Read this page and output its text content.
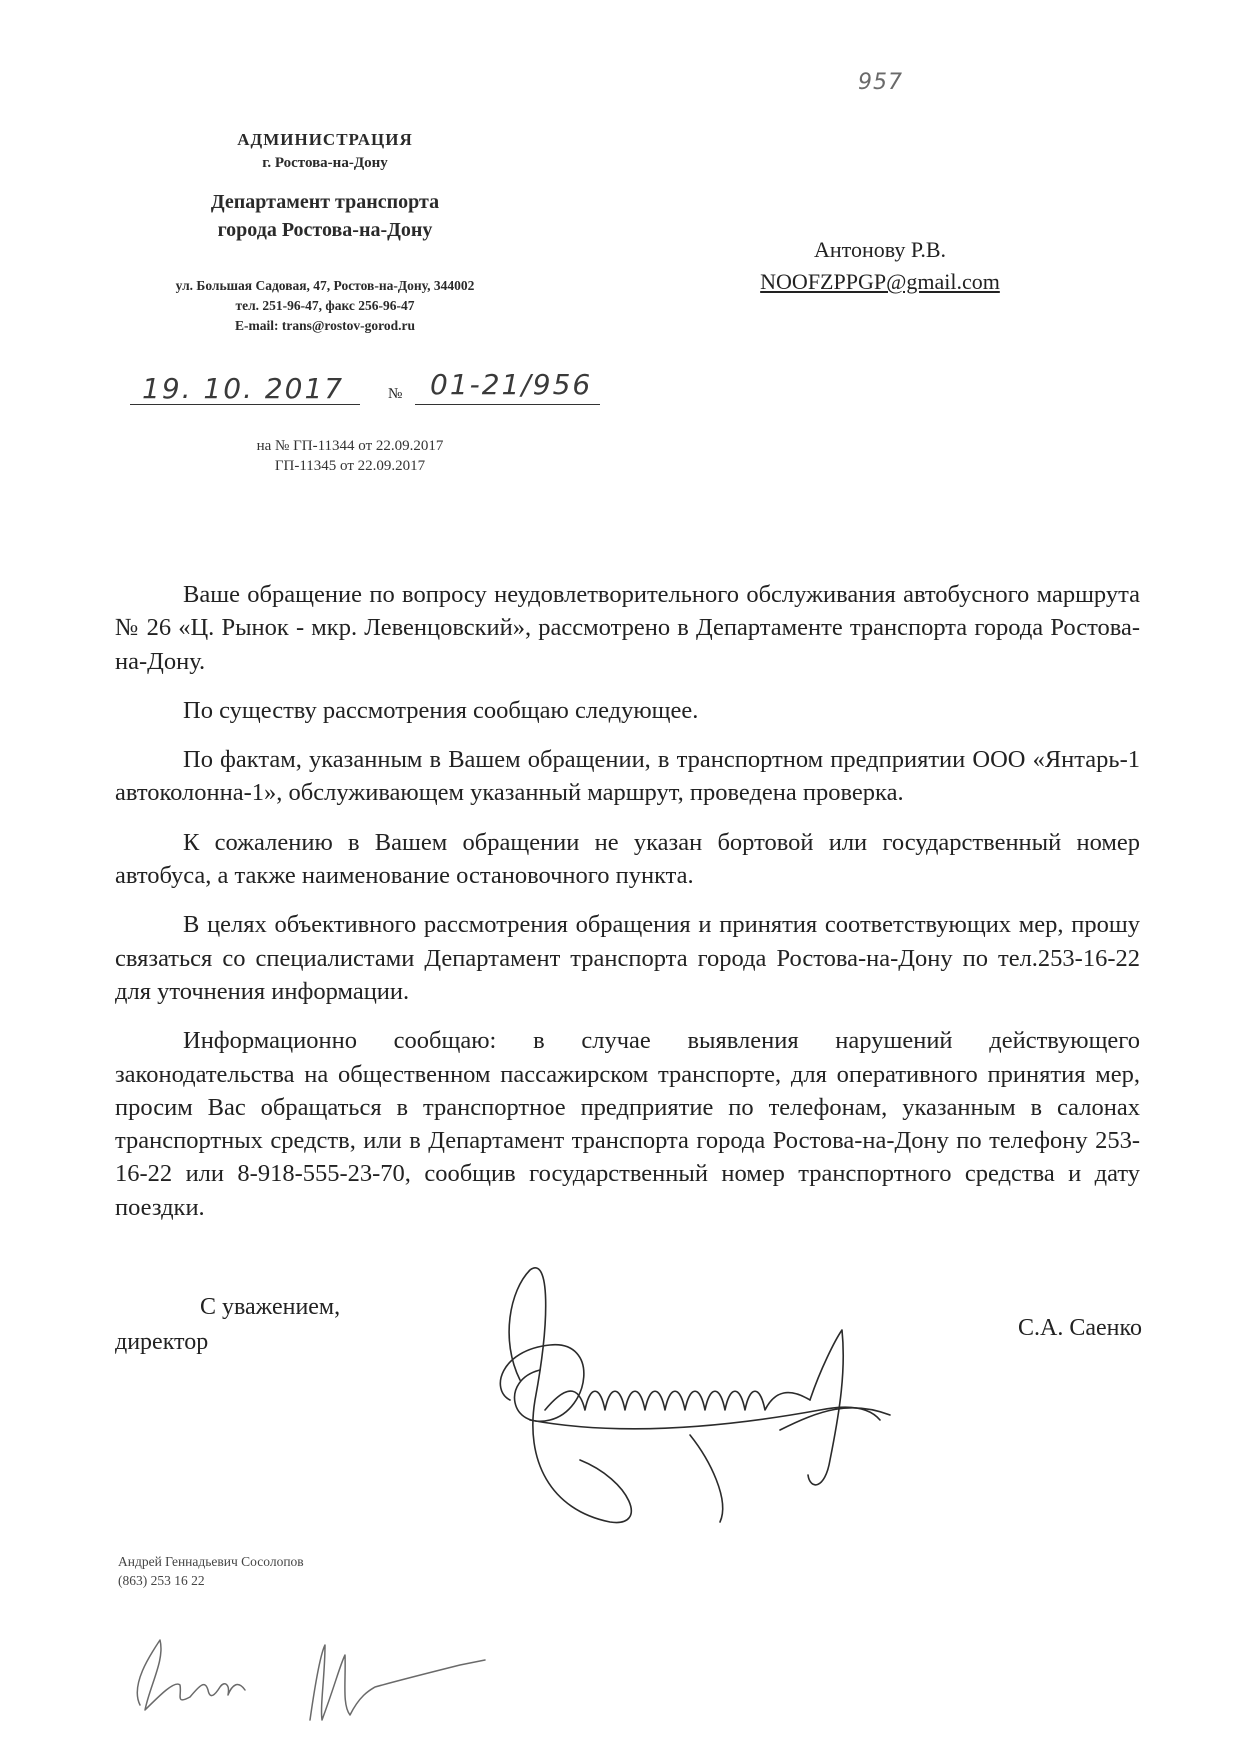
957
АДМИНИСТРАЦИЯ
г. Ростова-на-Дону
Департамент транспорта
города Ростова-на-Дону
ул. Большая Садовая, 47, Ростов-на-Дону, 344002
тел. 251-96-47, факс 256-96-47
E-mail: trans@rostov-gorod.ru
19. 10. 2017	№ 01-21/956
на № ГП-11344 от 22.09.2017
ГП-11345 от 22.09.2017
Антонову Р.В.
NOOFZPPGP@gmail.com

Ваше обращение по вопросу неудовлетворительного обслуживания автобусного маршрута № 26 «Ц. Рынок - мкр. Левенцовский», рассмотрено в Департаменте транспорта города Ростова-на-Дону.

По существу рассмотрения сообщаю следующее.

По фактам, указанным в Вашем обращении, в транспортном предприятии ООО «Янтарь-1 автоколонна-1», обслуживающем указанный маршрут, проведена проверка.

К сожалению в Вашем обращении не указан бортовой или государственный номер автобуса, а также наименование остановочного пункта.

В целях объективного рассмотрения обращения и принятия соответствующих мер, прошу связаться со специалистами Департамент транспорта города Ростова-на-Дону по тел.253-16-22 для уточнения информации.

Информационно сообщаю: в случае выявления нарушений действующего законодательства на общественном пассажирском транспорте, для оперативного принятия мер, просим Вас обращаться в транспортное предприятие по телефонам, указанным в салонах транспортных средств, или в Департамент транспорта города Ростова-на-Дону по телефону 253-16-22 или 8-918-555-23-70, сообщив государственный номер транспортного средства и дату поездки.

С уважением,
директор
С.А. Саенко
Андрей Геннадьевич Сосолопов
(863) 253 16 22
